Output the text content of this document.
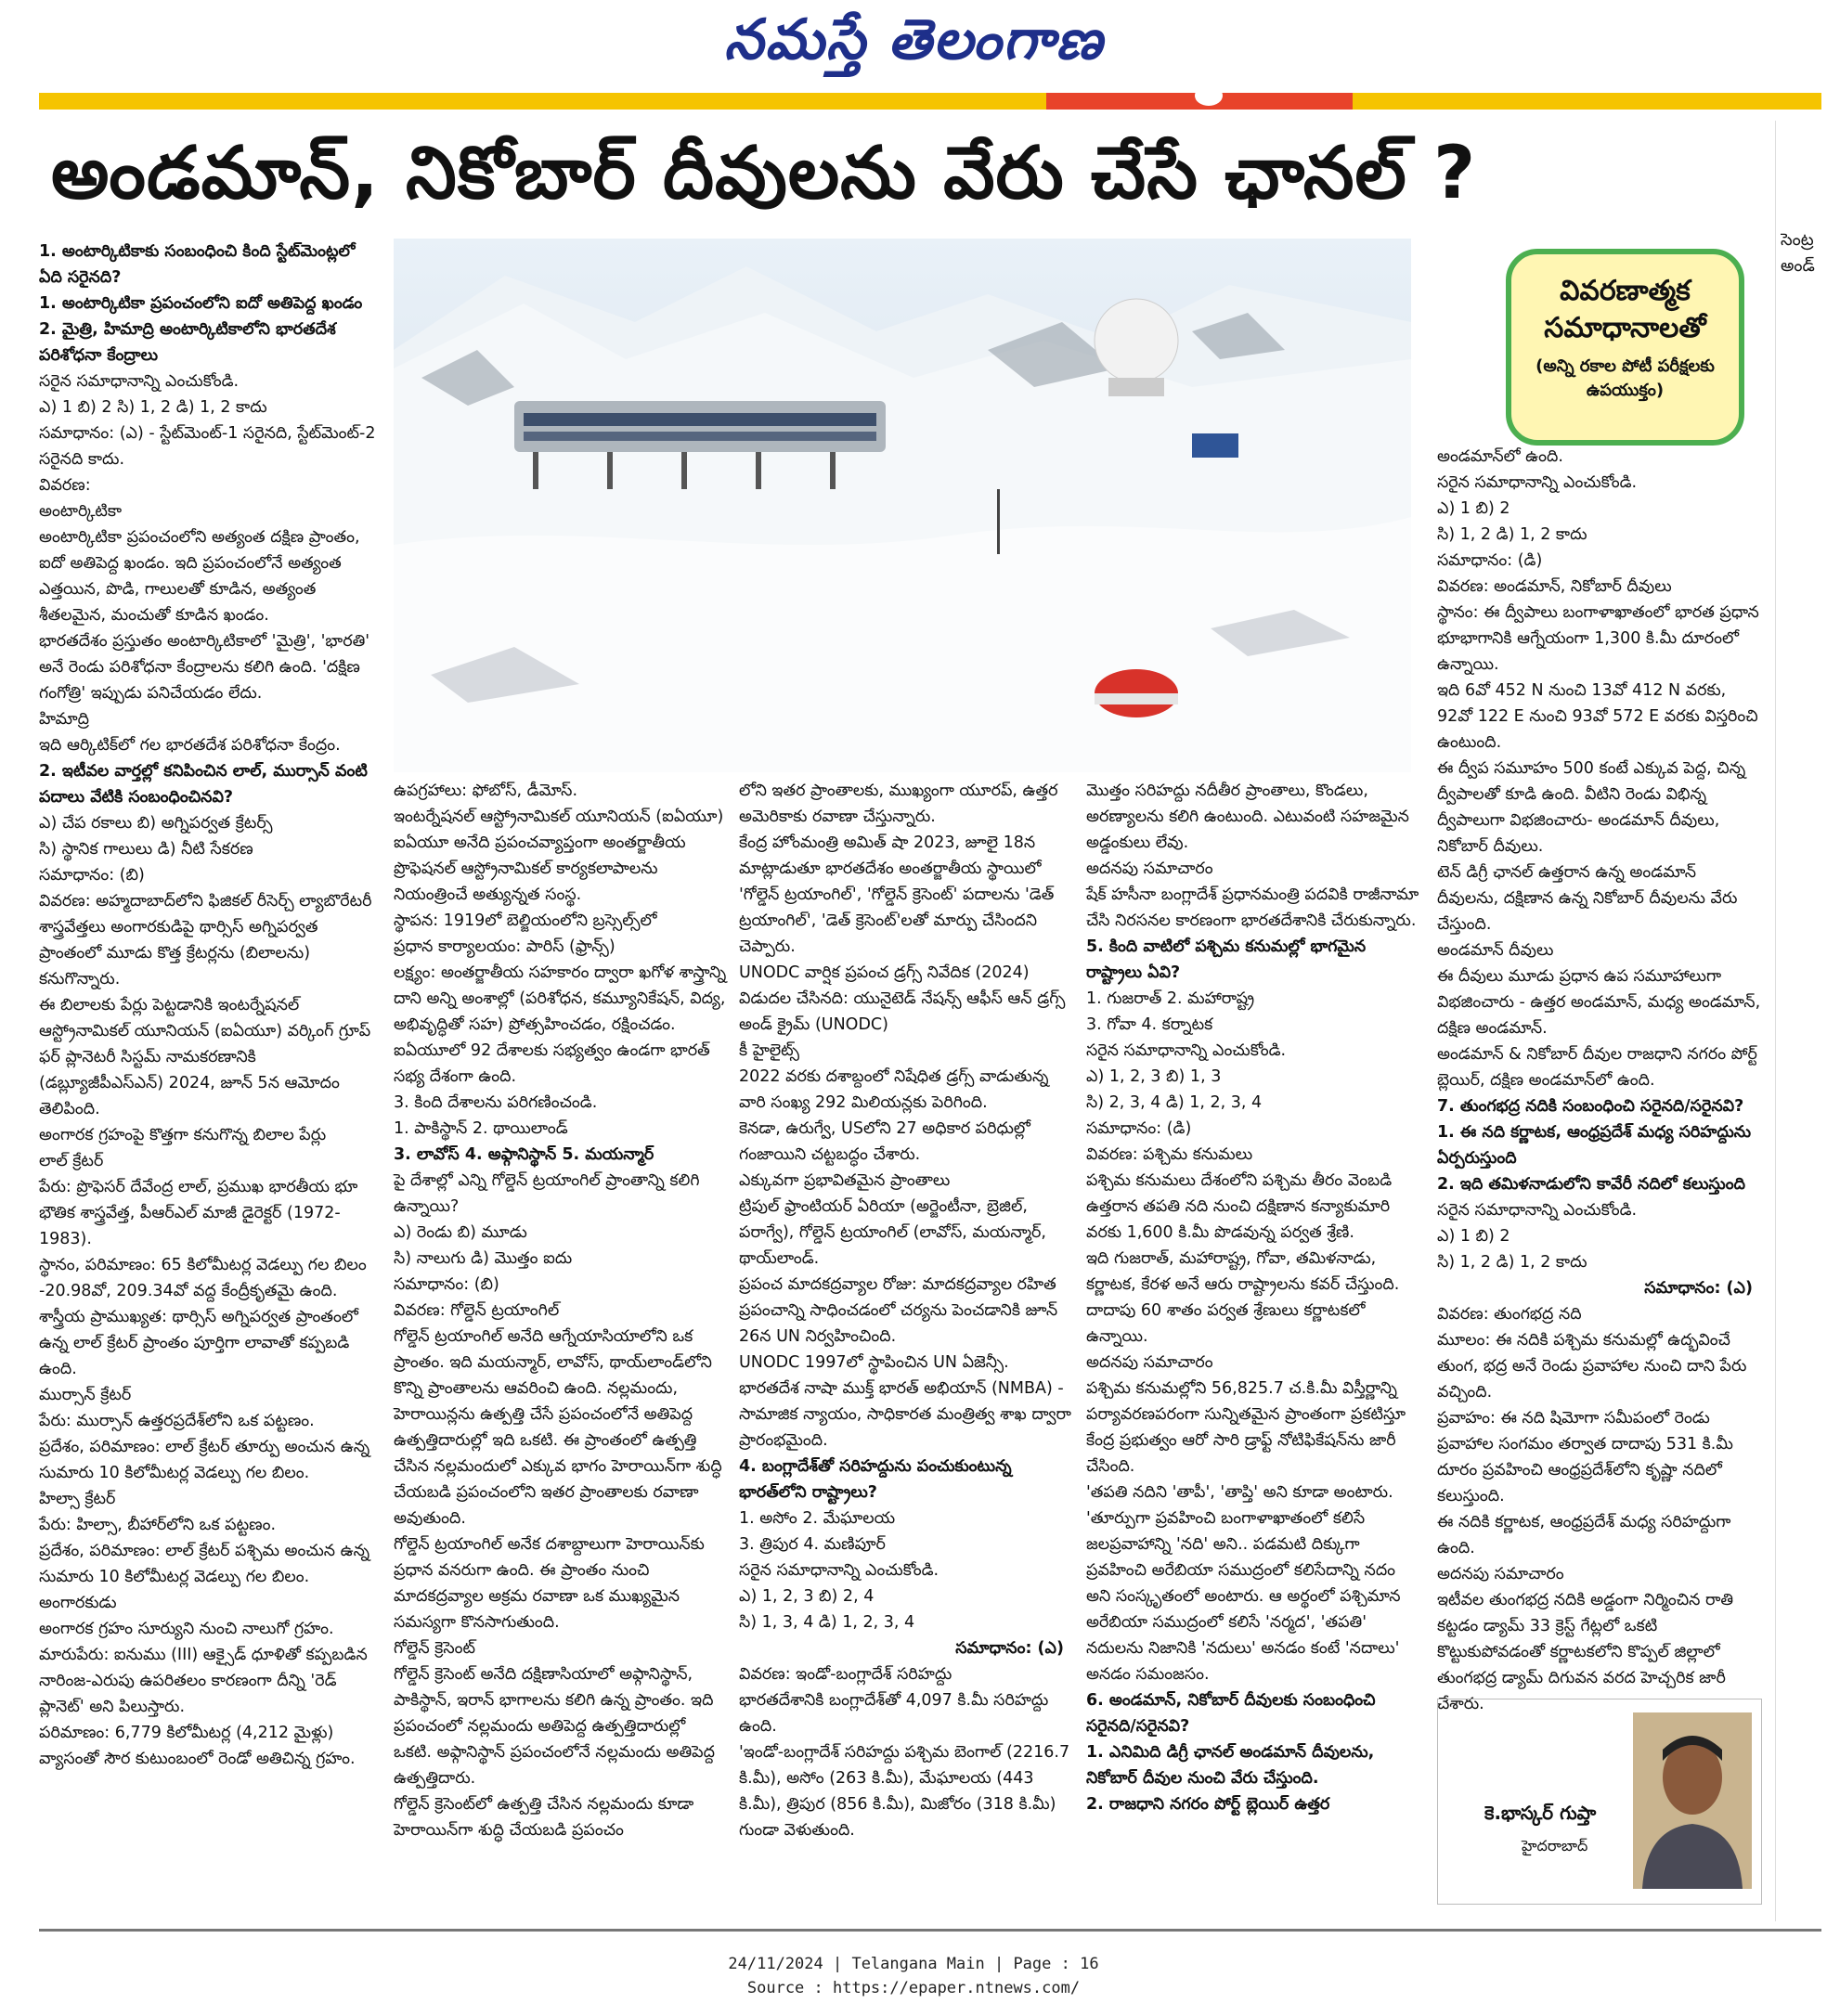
నమస్తే తెలంగాణ
అండమాన్, నికోబార్ దీవులను వేరు చేసే ఛానల్ ?

1. అంటార్కిటికాకు సంబంధించి కింది స్టేట్‌మెంట్లలో ఏది సరైనది?

1. అంటార్కిటికా ప్రపంచంలోని ఐదో అతిపెద్ద ఖండం

2. మైత్రి, హిమాద్రి అంటార్కిటికాలోని భారతదేశ పరిశోధనా కేంద్రాలు

సరైన సమాధానాన్ని ఎంచుకోండి.

ఎ) 1 బి) 2 సి) 1, 2 డి) 1, 2 కాదు

సమాధానం: (ఎ) - స్టేట్‌మెంట్-1 సరైనది, స్టేట్‌మెంట్-2 సరైనది కాదు.

వివరణ:

అంటార్కిటికా

అంటార్కిటికా ప్రపంచంలోని అత్యంత దక్షిణ ప్రాంతం, ఐదో అతిపెద్ద ఖండం. ఇది ప్రపంచంలోనే అత్యంత ఎత్తయిన, పొడి, గాలులతో కూడిన, అత్యంత శీతలమైన, మంచుతో కూడిన ఖండం.

భారతదేశం ప్రస్తుతం అంటార్కిటికాలో 'మైత్రి', 'భారతి' అనే రెండు పరిశోధనా కేంద్రాలను కలిగి ఉంది. 'దక్షిణ గంగోత్రి' ఇప్పుడు పనిచేయడం లేదు.

హిమాద్రి

ఇది ఆర్కిటిక్‌లో గల భారతదేశ పరిశోధనా కేంద్రం.

2. ఇటీవల వార్తల్లో కనిపించిన లాల్, ముర్సాన్ వంటి పదాలు వేటికి సంబంధించినవి?

ఎ) చేప రకాలు బి) అగ్నిపర్వత క్రేటర్స్

సి) స్థానిక గాలులు డి) నీటి సేకరణ

సమాధానం: (బి)

వివరణ: అహ్మదాబాద్‌లోని ఫిజికల్ రీసెర్చ్ ల్యాబొరేటరీ శాస్త్రవేత్తలు అంగారకుడిపై థార్సిస్ అగ్నిపర్వత ప్రాంతంలో మూడు కొత్త క్రేటర్లను (బిలాలను) కనుగొన్నారు.

ఈ బిలాలకు పేర్లు పెట్టడానికి ఇంటర్నేషనల్ ఆస్ట్రోనామికల్ యూనియన్ (ఐఏయూ) వర్కింగ్ గ్రూప్ ఫర్ ప్లానెటరీ సిస్టమ్ నామకరణానికి (డబ్ల్యూజీపీఎస్ఎన్) 2024, జూన్ 5న ఆమోదం తెలిపింది.

అంగారక గ్రహంపై కొత్తగా కనుగొన్న బిలాల పేర్లు

లాల్ క్రేటర్

పేరు: ప్రొఫెసర్ దేవేంద్ర లాల్, ప్రముఖ భారతీయ భూ భౌతిక శాస్త్రవేత్త, పీఆర్‌ఎల్ మాజీ డైరెక్టర్ (1972-1983).

స్థానం, పరిమాణం: 65 కిలోమీటర్ల వెడల్పు గల బిలం -20.98వో, 209.34వో వద్ద కేంద్రీకృతమై ఉంది.

శాస్త్రీయ ప్రాముఖ్యత: థార్సిస్ అగ్నిపర్వత ప్రాంతంలో ఉన్న లాల్ క్రేటర్ ప్రాంతం పూర్తిగా లావాతో కప్పబడి ఉంది.

ముర్సాన్ క్రేటర్

పేరు: ముర్సాన్ ఉత్తరప్రదేశ్‌లోని ఒక పట్టణం.

ప్రదేశం, పరిమాణం: లాల్ క్రేటర్ తూర్పు అంచున ఉన్న సుమారు 10 కిలోమీటర్ల వెడల్పు గల బిలం.

హిల్సా క్రేటర్

పేరు: హిల్సా, బీహార్‌లోని ఒక పట్టణం.

ప్రదేశం, పరిమాణం: లాల్ క్రేటర్ పశ్చిమ అంచున ఉన్న సుమారు 10 కిలోమీటర్ల వెడల్పు గల బిలం.

అంగారకుడు

అంగారక గ్రహం సూర్యుని నుంచి నాలుగో గ్రహం.

మారుపేరు: ఐనుము (III) ఆక్సైడ్ ధూళితో కప్పబడిన నారింజ-ఎరుపు ఉపరితలం కారణంగా దీన్ని 'రెడ్ ప్లానెట్' అని పిలుస్తారు.

పరిమాణం: 6,779 కిలోమీటర్ల (4,212 మైళ్లు) వ్యాసంతో సౌర కుటుంబంలో రెండో అతిచిన్న గ్రహం.

వివరణాత్మక సమాధానాలతో
(అన్ని రకాల పోటీ పరీక్షలకు ఉపయుక్తం)

ఉపగ్రహాలు: ఫోబోస్, డీమోస్.

ఇంటర్నేషనల్ ఆస్ట్రోనామికల్ యూనియన్ (ఐఏయూ)

ఐఏయూ అనేది ప్రపంచవ్యాప్తంగా అంతర్జాతీయ ప్రొఫెషనల్ ఆస్ట్రోనామికల్ కార్యకలాపాలను నియంత్రించే అత్యున్నత సంస్థ.

స్థాపన: 1919లో బెల్జియంలోని బ్రస్సెల్స్‌లో

ప్రధాన కార్యాలయం: పారిస్ (ఫ్రాన్స్)

లక్ష్యం: అంతర్జాతీయ సహకారం ద్వారా ఖగోళ శాస్త్రాన్ని దాని అన్ని అంశాల్లో (పరిశోధన, కమ్యూనికేషన్, విద్య, అభివృద్ధితో సహ) ప్రోత్సహించడం, రక్షించడం.

ఐఏయూలో 92 దేశాలకు సభ్యత్వం ఉండగా భారత్ సభ్య దేశంగా ఉంది.

3. కింది దేశాలను పరిగణించండి.

1. పాకిస్థాన్ 2. థాయిలాండ్

3. లావోస్ 4. అఫ్గానిస్థాన్ 5. మయన్మార్

పై దేశాల్లో ఎన్ని గోల్డెన్ ట్రయాంగిల్ ప్రాంతాన్ని కలిగి ఉన్నాయి?

ఎ) రెండు బి) మూడు

సి) నాలుగు డి) మొత్తం ఐదు

సమాధానం: (బి)

వివరణ: గోల్డెన్ ట్రయాంగిల్

గోల్డెన్ ట్రయాంగిల్ అనేది ఆగ్నేయాసియాలోని ఒక ప్రాంతం. ఇది మయన్మార్, లావోస్, థాయ్‌లాండ్‌లోని కొన్ని ప్రాంతాలను ఆవరించి ఉంది. నల్లమందు, హెరాయిన్లను ఉత్పత్తి చేసే ప్రపంచంలోనే అతిపెద్ద ఉత్పత్తిదారుల్లో ఇది ఒకటి. ఈ ప్రాంతంలో ఉత్పత్తి చేసిన నల్లమందులో ఎక్కువ భాగం హెరాయిన్‌గా శుద్ధి చేయబడి ప్రపంచంలోని ఇతర ప్రాంతాలకు రవాణా అవుతుంది.

గోల్డెన్ ట్రయాంగిల్ అనేక దశాబ్దాలుగా హెరాయిన్‌కు ప్రధాన వనరుగా ఉంది. ఈ ప్రాంతం నుంచి మాదకద్రవ్యాల అక్రమ రవాణా ఒక ముఖ్యమైన సమస్యగా కొనసాగుతుంది.

గోల్డెన్ క్రెసెంట్

గోల్డెన్ క్రెసెంట్ అనేది దక్షిణాసియాలో అఫ్గానిస్థాన్, పాకిస్థాన్, ఇరాన్ భాగాలను కలిగి ఉన్న ప్రాంతం. ఇది ప్రపంచంలో నల్లమందు అతిపెద్ద ఉత్పత్తిదారుల్లో ఒకటి. అఫ్గానిస్థాన్ ప్రపంచంలోనే నల్లమందు అతిపెద్ద ఉత్పత్తిదారు.

గోల్డెన్ క్రెసెంట్‌లో ఉత్పత్తి చేసిన నల్లమందు కూడా హెరాయిన్‌గా శుద్ధి చేయబడి ప్రపంచం

లోని ఇతర ప్రాంతాలకు, ముఖ్యంగా యూరప్, ఉత్తర అమెరికాకు రవాణా చేస్తున్నారు.

కేంద్ర హోంమంత్రి అమిత్ షా 2023, జూలై 18న మాట్లాడుతూ భారతదేశం అంతర్జాతీయ స్థాయిలో 'గోల్డెన్ ట్రయాంగిల్', 'గోల్డెన్ క్రెసెంట్' పదాలను 'డెత్ ట్రయాంగిల్', 'డెత్ క్రెసెంట్'లతో మార్పు చేసిందని చెప్పారు.

UNODC వార్షిక ప్రపంచ డ్రగ్స్ నివేదిక (2024)

విడుదల చేసినది: యునైటెడ్ నేషన్స్ ఆఫీస్ ఆన్ డ్రగ్స్ అండ్ క్రైమ్ (UNODC)

కీ హైలైట్స్

2022 వరకు దశాబ్దంలో నిషేధిత డ్రగ్స్ వాడుతున్న వారి సంఖ్య 292 మిలియన్లకు పెరిగింది.

కెనడా, ఉరుగ్వే, USలోని 27 అధికార పరిధుల్లో గంజాయిని చట్టబద్ధం చేశారు.

ఎక్కువగా ప్రభావితమైన ప్రాంతాలు

ట్రిపుల్ ఫ్రాంటియర్ ఏరియా (అర్జెంటీనా, బ్రెజిల్, పరాగ్వే), గోల్డెన్ ట్రయాంగిల్ (లావోస్, మయన్మార్, థాయ్‌లాండ్.

ప్రపంచ మాదకద్రవ్యాల రోజు: మాదకద్రవ్యాల రహిత ప్రపంచాన్ని సాధించడంలో చర్యను పెంచడానికి జూన్ 26న UN నిర్వహించింది.

UNODC 1997లో స్థాపించిన UN ఏజెన్సీ.

భారతదేశ నాషా ముక్త్ భారత్ అభియాన్ (NMBA) - సామాజిక న్యాయం, సాధికారత మంత్రిత్వ శాఖ ద్వారా ప్రారంభమైంది.

4. బంగ్లాదేశ్‌తో సరిహద్దును పంచుకుంటున్న భారత్‌లోని రాష్ట్రాలు?

1. అసోం 2. మేఘాలయ

3. త్రిపుర 4. మణిపూర్

సరైన సమాధానాన్ని ఎంచుకోండి.

ఎ) 1, 2, 3 బి) 2, 4

సి) 1, 3, 4 డి) 1, 2, 3, 4

సమాధానం: (ఎ)

వివరణ: ఇండో-బంగ్లాదేశ్ సరిహద్దు

భారతదేశానికి బంగ్లాదేశ్‌తో 4,097 కి.మీ సరిహద్దు ఉంది.

'ఇండో-బంగ్లాదేశ్ సరిహద్దు పశ్చిమ బెంగాల్ (2216.7 కి.మీ), అసోం (263 కి.మీ), మేఘాలయ (443 కి.మీ), త్రిపుర (856 కి.మీ), మిజోరం (318 కి.మీ) గుండా వెళుతుంది.

మొత్తం సరిహద్దు నదీతీర ప్రాంతాలు, కొండలు, అరణ్యాలను కలిగి ఉంటుంది. ఎటువంటి సహజమైన అడ్డంకులు లేవు.

అదనపు సమాచారం

షేక్ హసీనా బంగ్లాదేశ్ ప్రధానమంత్రి పదవికి రాజీనామా చేసి నిరసనల కారణంగా భారతదేశానికి చేరుకున్నారు.

5. కింది వాటిలో పశ్చిమ కనుమల్లో భాగమైన రాష్ట్రాలు ఏవి?

1. గుజరాత్ 2. మహారాష్ట్ర

3. గోవా 4. కర్నాటక

సరైన సమాధానాన్ని ఎంచుకోండి.

ఎ) 1, 2, 3 బి) 1, 3

సి) 2, 3, 4 డి) 1, 2, 3, 4

సమాధానం: (డి)

వివరణ: పశ్చిమ కనుమలు

పశ్చిమ కనుమలు దేశంలోని పశ్చిమ తీరం వెంబడి ఉత్తరాన తపతి నది నుంచి దక్షిణాన కన్యాకుమారి వరకు 1,600 కి.మీ పొడవున్న పర్వత శ్రేణి.

ఇది గుజరాత్, మహారాష్ట్ర, గోవా, తమిళనాడు, కర్ణాటక, కేరళ అనే ఆరు రాష్ట్రాలను కవర్ చేస్తుంది. దాదాపు 60 శాతం పర్వత శ్రేణులు కర్ణాటకలో ఉన్నాయి.

అదనపు సమాచారం

పశ్చిమ కనుమల్లోని 56,825.7 చ.కి.మీ విస్తీర్ణాన్ని పర్యావరణపరంగా సున్నితమైన ప్రాంతంగా ప్రకటిస్తూ కేంద్ర ప్రభుత్వం ఆరో సారి డ్రాఫ్ట్ నోటిఫికేషన్‌ను జారీ చేసింది.

'తపతి నదిని 'తాపీ', 'తాప్తి' అని కూడా అంటారు.

'తూర్పుగా ప్రవహించి బంగాళాఖాతంలో కలిసే జలప్రవాహాన్ని 'నది' అని.. పడమటి దిక్కుగా ప్రవహించి అరేబియా సముద్రంలో కలిసేదాన్ని నదం అని సంస్కృతంలో అంటారు. ఆ అర్థంలో పశ్చిమాన అరేబియా సముద్రంలో కలిసే 'నర్మద', 'తపతి' నదులను నిజానికి 'నదులు' అనడం కంటే 'నదాలు' అనడం సమంజసం.

6. అండమాన్, నికోబార్ దీవులకు సంబంధించి సరైనది/సరైనవి?

1. ఎనిమిది డిగ్రీ ఛానల్ అండమాన్ దీవులను, నికోబార్ దీవుల నుంచి వేరు చేస్తుంది.

2. రాజధాని నగరం పోర్ట్ బ్లెయిర్ ఉత్తర

అండమాన్‌లో ఉంది.

సరైన సమాధానాన్ని ఎంచుకోండి.

ఎ) 1 బి) 2

సి) 1, 2 డి) 1, 2 కాదు

సమాధానం: (డి)

వివరణ: అండమాన్, నికోబార్ దీవులు

స్థానం: ఈ ద్వీపాలు బంగాళాఖాతంలో భారత ప్రధాన భూభాగానికి ఆగ్నేయంగా 1,300 కి.మీ దూరంలో ఉన్నాయి.

ఇది 6వో 452 N నుంచి 13వో 412 N వరకు, 92వో 122 E నుంచి 93వో 572 E వరకు విస్తరించి ఉంటుంది.

ఈ ద్వీప సమూహం 500 కంటే ఎక్కువ పెద్ద, చిన్న ద్వీపాలతో కూడి ఉంది. వీటిని రెండు విభిన్న ద్వీపాలుగా విభజించారు- అండమాన్ దీవులు, నికోబార్ దీవులు.

టెన్ డిగ్రీ ఛానల్ ఉత్తరాన ఉన్న అండమాన్ దీవులను, దక్షిణాన ఉన్న నికోబార్ దీవులను వేరు చేస్తుంది.

అండమాన్ దీవులు

ఈ దీవులు మూడు ప్రధాన ఉప సమూహాలుగా విభజించారు - ఉత్తర అండమాన్, మధ్య అండమాన్, దక్షిణ అండమాన్.

అండమాన్ & నికోబార్ దీవుల రాజధాని నగరం పోర్ట్ బ్లెయిర్, దక్షిణ అండమాన్‌లో ఉంది.

7. తుంగభద్ర నదికి సంబంధించి సరైనది/సరైనవి?

1. ఈ నది కర్ణాటక, ఆంధ్రప్రదేశ్ మధ్య సరిహద్దును ఏర్పరుస్తుంది

2. ఇది తమిళనాడులోని కావేరీ నదిలో కలుస్తుంది

సరైన సమాధానాన్ని ఎంచుకోండి.

ఎ) 1 బి) 2

సి) 1, 2 డి) 1, 2 కాదు

సమాధానం: (ఎ)

వివరణ: తుంగభద్ర నది

మూలం: ఈ నదికి పశ్చిమ కనుమల్లో ఉద్భవించే తుంగ, భద్ర అనే రెండు ప్రవాహాల నుంచి దాని పేరు వచ్చింది.

ప్రవాహం: ఈ నది షిమోగా సమీపంలో రెండు ప్రవాహాల సంగమం తర్వాత దాదాపు 531 కి.మీ దూరం ప్రవహించి ఆంధ్రప్రదేశ్‌లోని కృష్ణా నదిలో కలుస్తుంది.

ఈ నదికి కర్ణాటక, ఆంధ్రప్రదేశ్ మధ్య సరిహద్దుగా ఉంది.

అదనపు సమాచారం

ఇటీవల తుంగభద్ర నదికి అడ్డంగా నిర్మించిన రాతి కట్టడం డ్యామ్ 33 క్రెస్ట్ గేట్లలో ఒకటి కొట్టుకుపోవడంతో కర్ణాటకలోని కొప్పల్ జిల్లాలో తుంగభద్ర డ్యామ్ దిగువన వరద హెచ్చరిక జారీ చేశారు.

కె.భాస్కర్ గుప్తా
హైదరాబాద్
సెంట్ర
అండ్
24/11/2024 | Telangana Main | Page : 16
Source : https://epaper.ntnews.com/
